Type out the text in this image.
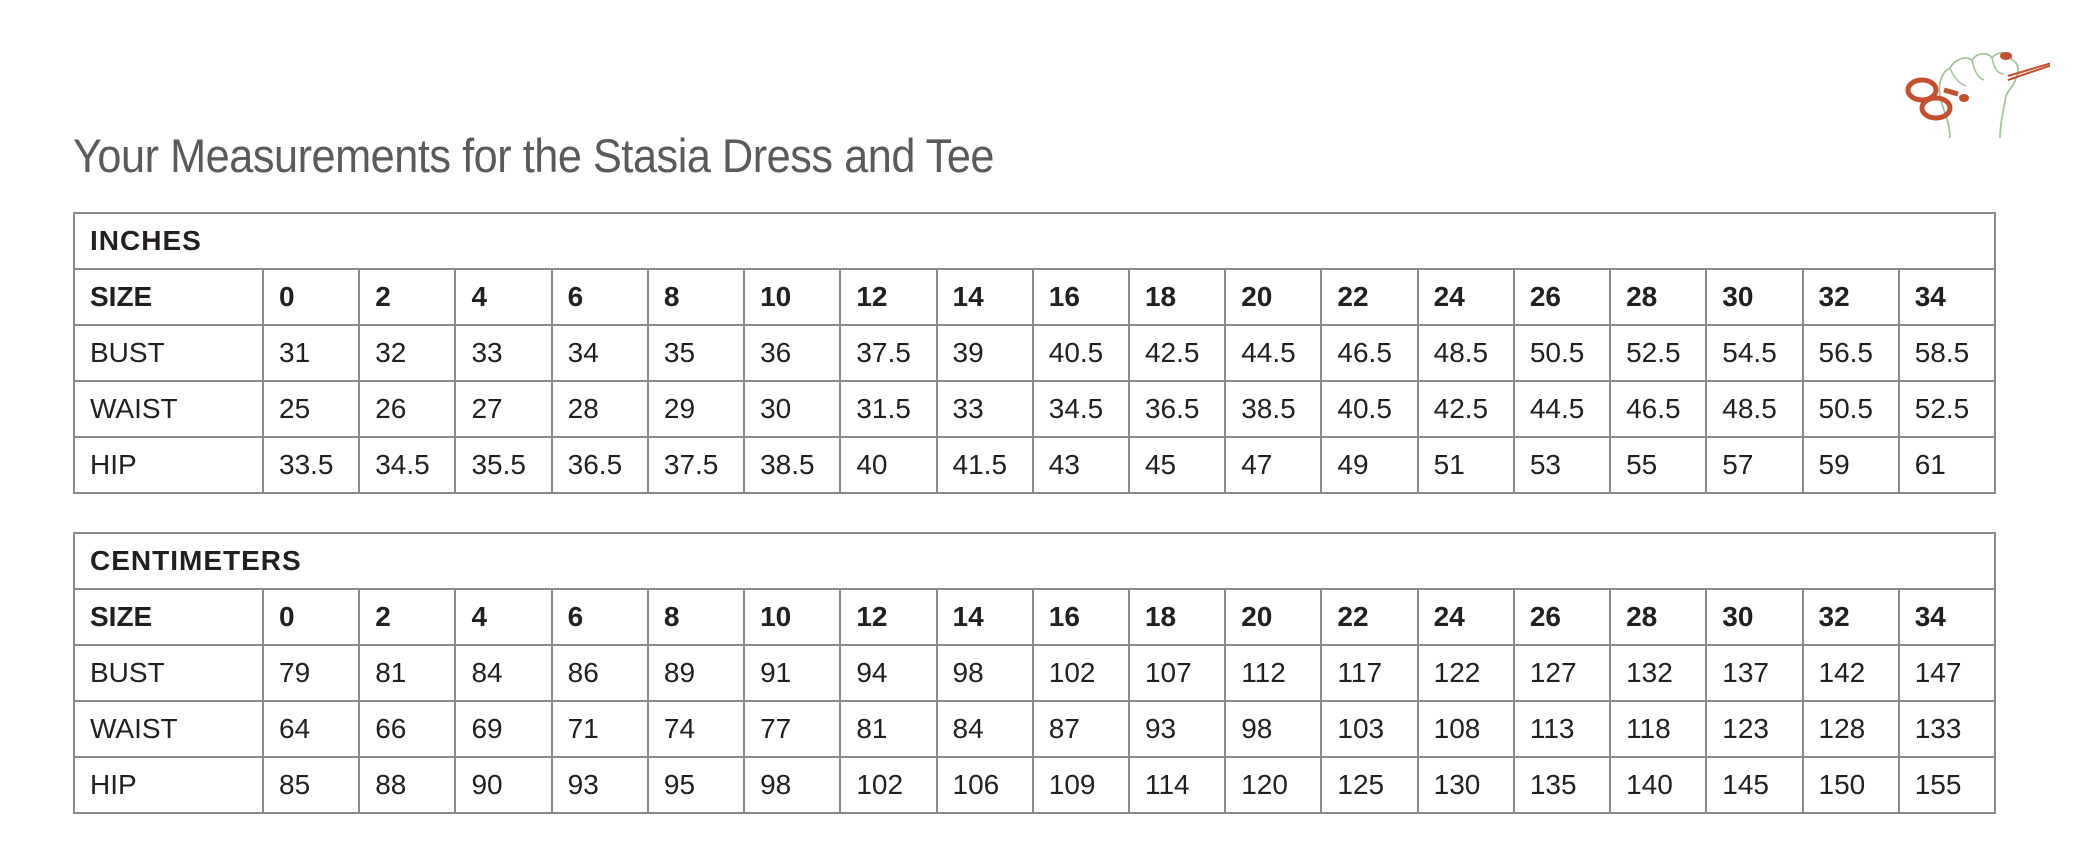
Your Measurements for the Stasia Dress and Tee
INCHES																		
SIZE	0	2	4	6	8	10	12	14	16	18	20	22	24	26	28	30	32	34
BUST	31	32	33	34	35	36	37.5	39	40.5	42.5	44.5	46.5	48.5	50.5	52.5	54.5	56.5	58.5
WAIST	25	26	27	28	29	30	31.5	33	34.5	36.5	38.5	40.5	42.5	44.5	46.5	48.5	50.5	52.5
HIP	33.5	34.5	35.5	36.5	37.5	38.5	40	41.5	43	45	47	49	51	53	55	57	59	61
CENTIMETERS																		
SIZE	0	2	4	6	8	10	12	14	16	18	20	22	24	26	28	30	32	34
BUST	79	81	84	86	89	91	94	98	102	107	112	117	122	127	132	137	142	147
WAIST	64	66	69	71	74	77	81	84	87	93	98	103	108	113	118	123	128	133
HIP	85	88	90	93	95	98	102	106	109	114	120	125	130	135	140	145	150	155
